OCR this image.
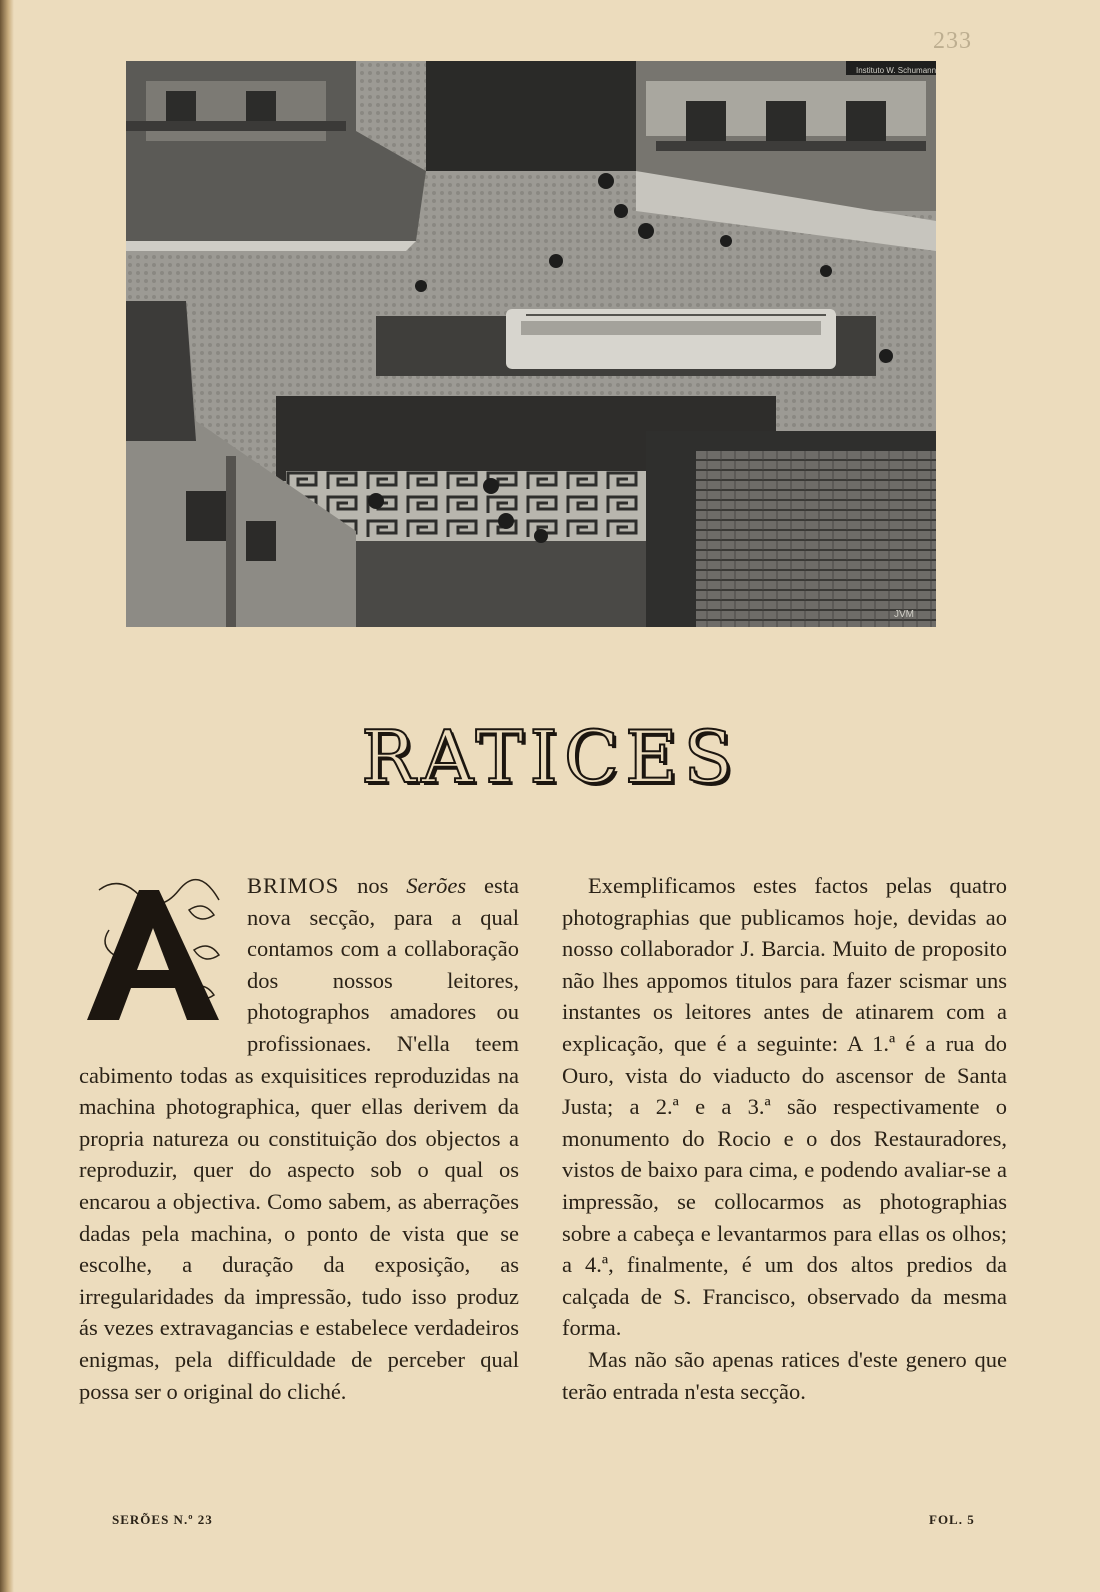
233
Instituto W. Schumann
JVM
RATICES

A
BRIMOS nos Serões esta nova secção, para a qual contamos com a collaboração dos nossos leitores, photographos amadores ou profissionaes. N'ella teem cabimento todas as exquisitices reproduzidas na machina photographica, quer ellas derivem da propria natureza ou constituição dos objectos a reproduzir, quer do aspecto sob o qual os encarou a objectiva. Como sabem, as aberrações dadas pela machina, o ponto de vista que se escolhe, a duração da exposição, as irregularidades da impressão, tudo isso produz ás vezes extravagancias e estabelece verdadeiros enigmas, pela difficuldade de perceber qual possa ser o original do cliché.

Exemplificamos estes factos pelas quatro photographias que publicamos hoje, devidas ao nosso collaborador J. Barcia. Muito de proposito não lhes appomos titulos para fazer scismar uns instantes os leitores antes de atinarem com a explicação, que é a seguinte: A 1.ª é a rua do Ouro, vista do viaducto do ascensor de Santa Justa; a 2.ª e a 3.ª são respectivamente o monumento do Rocio e o dos Restauradores, vistos de baixo para cima, e podendo avaliar-se a impressão, se collocarmos as photographias sobre a cabeça e levantarmos para ellas os olhos; a 4.ª, finalmente, é um dos altos predios da calçada de S. Francisco, observado da mesma forma.

Mas não são apenas ratices d'este genero que terão entrada n'esta secção.

SERÕES N.º 23	FOL. 5
